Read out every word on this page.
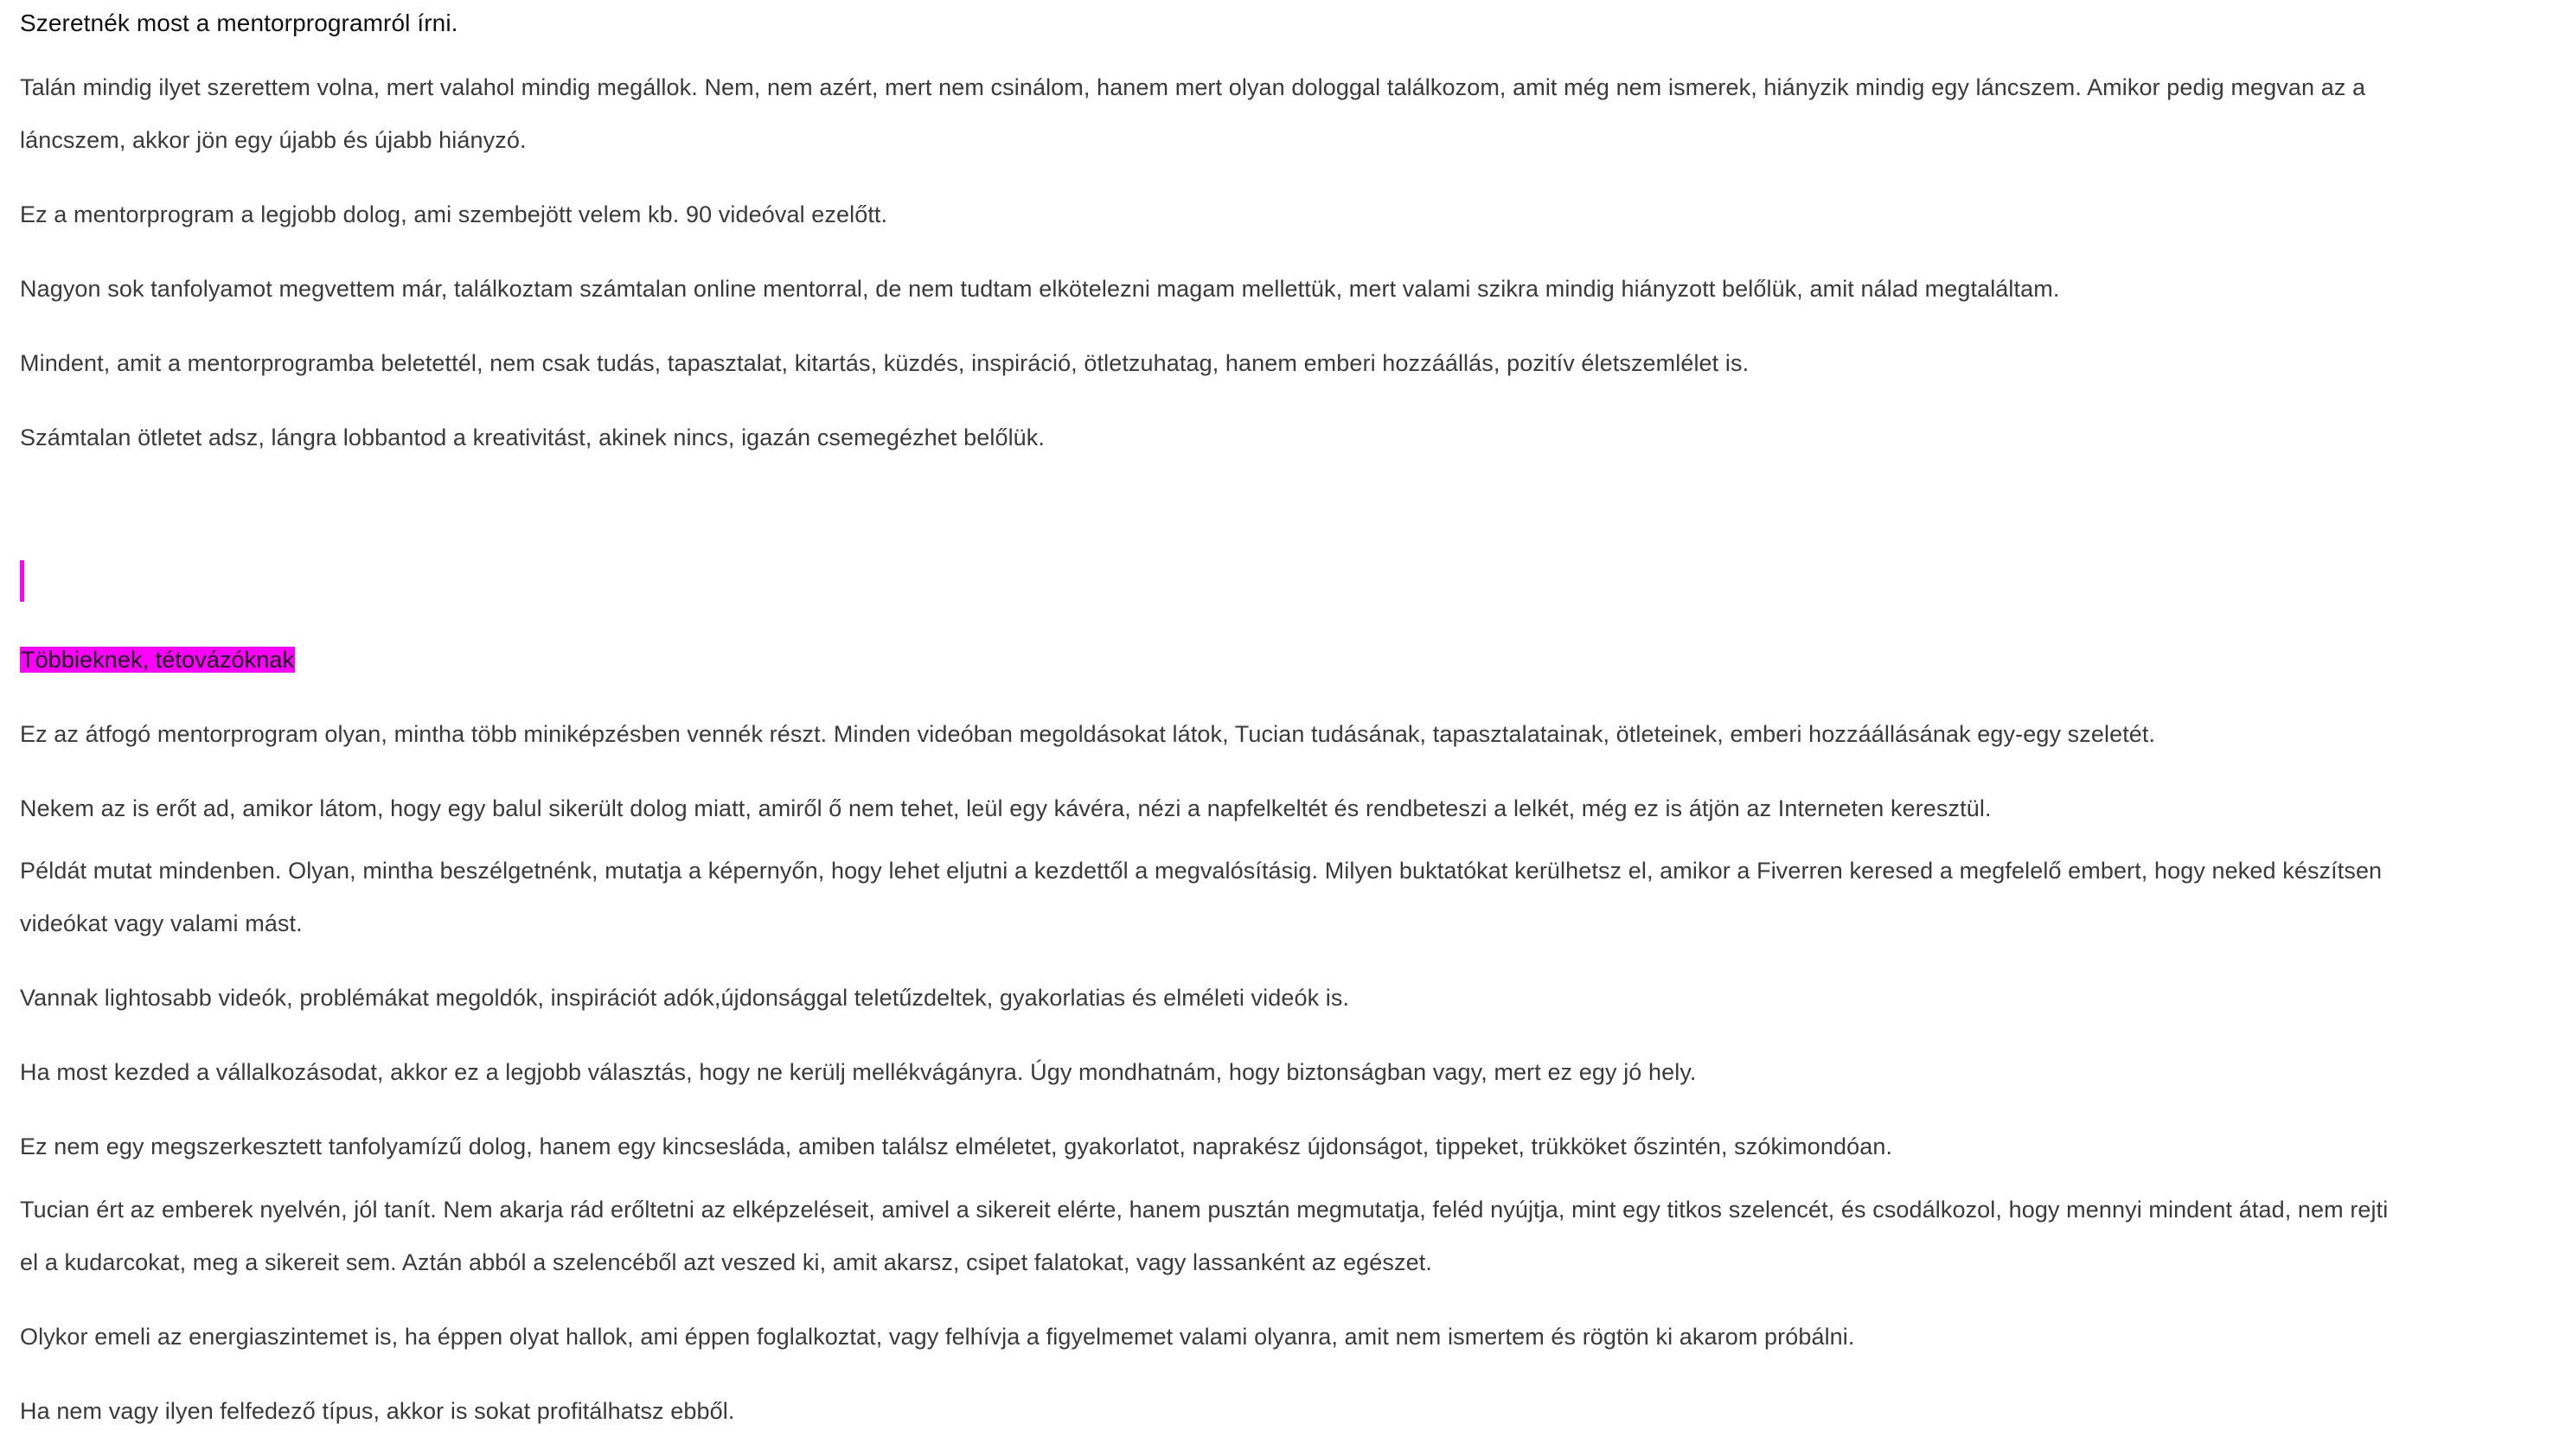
Szeretnék most a mentorprogramról írni.
Talán mindig ilyet szerettem volna, mert valahol mindig megállok. Nem, nem azért, mert nem csinálom, hanem mert olyan dologgal találkozom, amit még nem ismerek, hiányzik mindig egy láncszem. Amikor pedig megvan az a
láncszem, akkor jön egy újabb és újabb hiányzó.
Ez a mentorprogram a legjobb dolog, ami szembejött velem kb. 90 videóval ezelőtt.
Nagyon sok tanfolyamot megvettem már, találkoztam számtalan online mentorral, de nem tudtam elkötelezni magam mellettük, mert valami szikra mindig hiányzott belőlük, amit nálad megtaláltam.
Mindent, amit a mentorprogramba beletettél, nem csak tudás, tapasztalat, kitartás, küzdés, inspiráció, ötletzuhatag, hanem emberi hozzáállás, pozitív életszemlélet is.
Számtalan ötletet adsz, lángra lobbantod a kreativitást, akinek nincs, igazán csemegézhet belőlük.
Többieknek, tétovázóknak
Ez az átfogó mentorprogram olyan, mintha több miniképzésben vennék részt. Minden videóban megoldásokat látok, Tucian tudásának, tapasztalatainak, ötleteinek, emberi hozzáállásának egy-egy szeletét.
Nekem az is erőt ad, amikor látom, hogy egy balul sikerült dolog miatt, amiről ő nem tehet, leül egy kávéra, nézi a napfelkeltét és rendbeteszi a lelkét, még ez is átjön az Interneten keresztül.
Példát mutat mindenben. Olyan, mintha beszélgetnénk, mutatja a képernyőn, hogy lehet eljutni a kezdettől a megvalósításig. Milyen buktatókat kerülhetsz el, amikor a Fiverren keresed a megfelelő embert, hogy neked készítsen
videókat vagy valami mást.
Vannak lightosabb videók, problémákat megoldók, inspirációt adók,újdonsággal teletűzdeltek, gyakorlatias és elméleti videók is.
Ha most kezded a vállalkozásodat, akkor ez a legjobb választás, hogy ne kerülj mellékvágányra. Úgy mondhatnám, hogy biztonságban vagy, mert ez egy jó hely.
Ez nem egy megszerkesztett tanfolyamízű dolog, hanem egy kincsesláda, amiben találsz elméletet, gyakorlatot, naprakész újdonságot, tippeket, trükköket őszintén, szókimondóan.
Tucian ért az emberek nyelvén, jól tanít. Nem akarja rád erőltetni az elképzeléseit, amivel a sikereit elérte, hanem pusztán megmutatja, feléd nyújtja, mint egy titkos szelencét, és csodálkozol, hogy mennyi mindent átad, nem rejti
el a kudarcokat, meg a sikereit sem. Aztán abból a szelencéből azt veszed ki, amit akarsz, csipet falatokat, vagy lassanként az egészet.
Olykor emeli az energiaszintemet is, ha éppen olyat hallok, ami éppen foglalkoztat, vagy felhívja a figyelmemet valami olyanra, amit nem ismertem és rögtön ki akarom próbálni.
Ha nem vagy ilyen felfedező típus, akkor is sokat profitálhatsz ebből.
